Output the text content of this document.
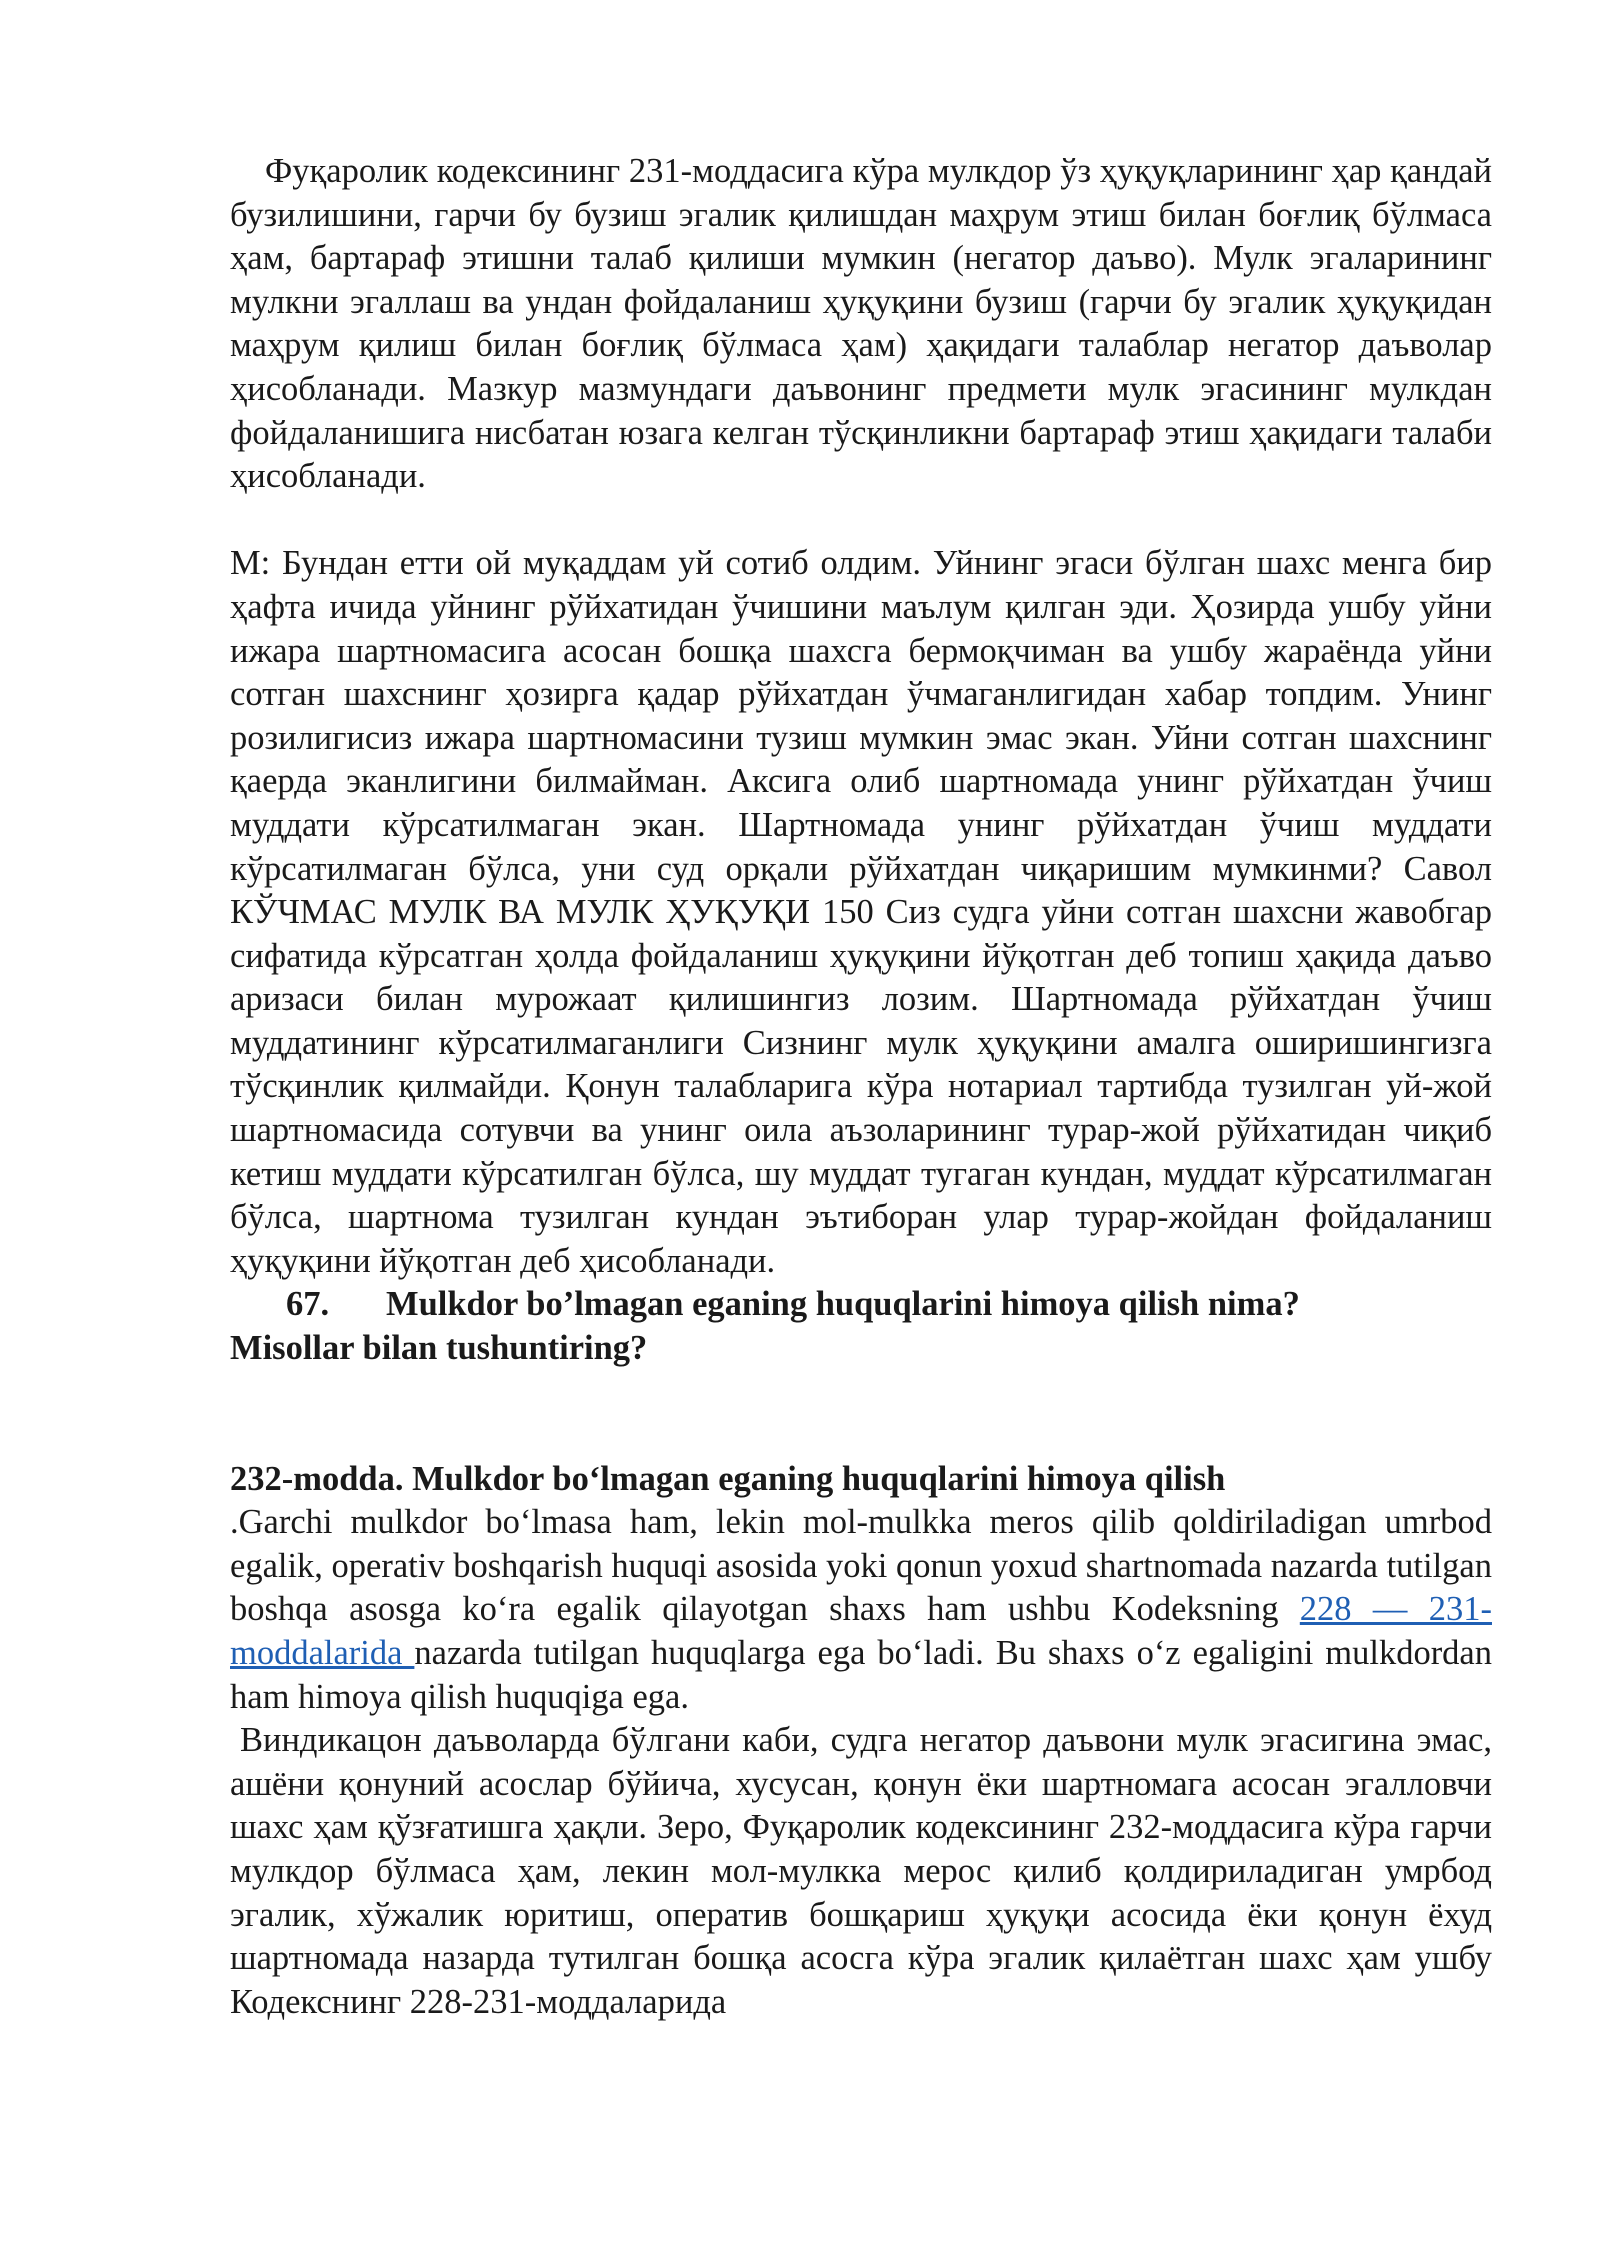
Фуқаролик кодексининг 231-моддасига кўра мулкдор ўз ҳуқуқларининг ҳар қандай бузилишини, гарчи бу бузиш эгалик қилишдан маҳрум этиш билан боғлиқ бўлмаса ҳам, бартараф этишни талаб қилиши мумкин (негатор даъво). Мулк эгаларининг мулкни эгаллаш ва ундан фойдаланиш ҳуқуқини бузиш (гарчи бу эгалик ҳуқуқидан маҳрум қилиш билан боғлиқ бўлмаса ҳам) ҳақидаги талаблар негатор даъволар ҳисобланади. Мазкур мазмундаги даъвонинг предмети мулк эгасининг мулкдан фойдаланишига нисбатан юзага келган тўсқинликни бартараф этиш ҳақидаги талаби ҳисобланади.

М: Бундан етти ой муқаддам уй сотиб олдим. Уйнинг эгаси бўлган шахс менга бир ҳафта ичида уйнинг рўйхатидан ўчишини маълум қилган эди. Ҳозирда ушбу уйни ижара шартномасига асосан бошқа шахсга бермоқчиман ва ушбу жараёнда уйни сотган шахснинг ҳозирга қадар рўйхатдан ўчмаганлигидан хабар топдим. Унинг розилигисиз ижара шартномасини тузиш мумкин эмас экан. Уйни сотган шахснинг қаерда эканлигини билмайман. Аксига олиб шартномада унинг рўйхатдан ўчиш муддати кўрсатилмаган экан. Шартномада унинг рўйхатдан ўчиш муддати кўрсатилмаган бўлса, уни суд орқали рўйхатдан чиқаришим мумкинми? Савол КЎЧМАС МУЛК ВА МУЛК ҲУҚУҚИ 150 Сиз судга уйни сотган шахсни жавобгар сифатида кўрсатган ҳолда фойдаланиш ҳуқуқини йўқотган деб топиш ҳақида даъво аризаси билан мурожаат қилишингиз лозим. Шартномада рўйхатдан ўчиш муддатининг кўрсатилмаганлиги Сизнинг мулк ҳуқуқини амалга оширишингизга тўсқинлик қилмайди. Қонун талабларига кўра нотариал тартибда тузилган уй-жой шартномасида сотувчи ва унинг оила аъзоларининг турар-жой рўйхатидан чиқиб кетиш муддати кўрсатилган бўлса, шу муддат тугаган кундан, муддат кўрсатилмаган бўлса, шартнома тузилган кундан эътиборан улар турар-жойдан фойдаланиш ҳуқуқини йўқотган деб ҳисобланади.

67. Mulkdor bo’lmagan eganing huquqlarini himoya qilish nima?
Misollar bilan tushuntiring?
232-modda. Mulkdor bo‘lmagan eganing huquqlarini himoya qilish

.Garchi mulkdor bo‘lmasa ham, lekin mol-mulkka meros qilib qoldiriladigan umrbod egalik, operativ boshqarish huquqi asosida yoki qonun yoxud shartnomada nazarda tutilgan boshqa asosga ko‘ra egalik qilayotgan shaxs ham ushbu Kodeksning 228 — 231-moddalarida nazarda tutilgan huquqlarga ega bo‘ladi. Bu shaxs o‘z egaligini mulkdordan ham himoya qilish huquqiga ega.

Виндикацон даъволарда бўлгани каби, судга негатор даъвони мулк эгасигина эмас, ашёни қонуний асослар бўйича, хусусан, қонун ёки шартномага асосан эгалловчи шахс ҳам қўзғатишга ҳақли. Зеро, Фуқаролик кодексининг 232-моддасига кўра гарчи мулкдор бўлмаса ҳам, лекин мол-мулкка мерос қилиб қолдириладиган умрбод эгалик, хўжалик юритиш, оператив бошқариш ҳуқуқи асосида ёки қонун ёхуд шартномада назарда тутилган бошқа асосга кўра эгалик қилаётган шахс ҳам ушбу Кодекснинг 228-231-моддаларида
